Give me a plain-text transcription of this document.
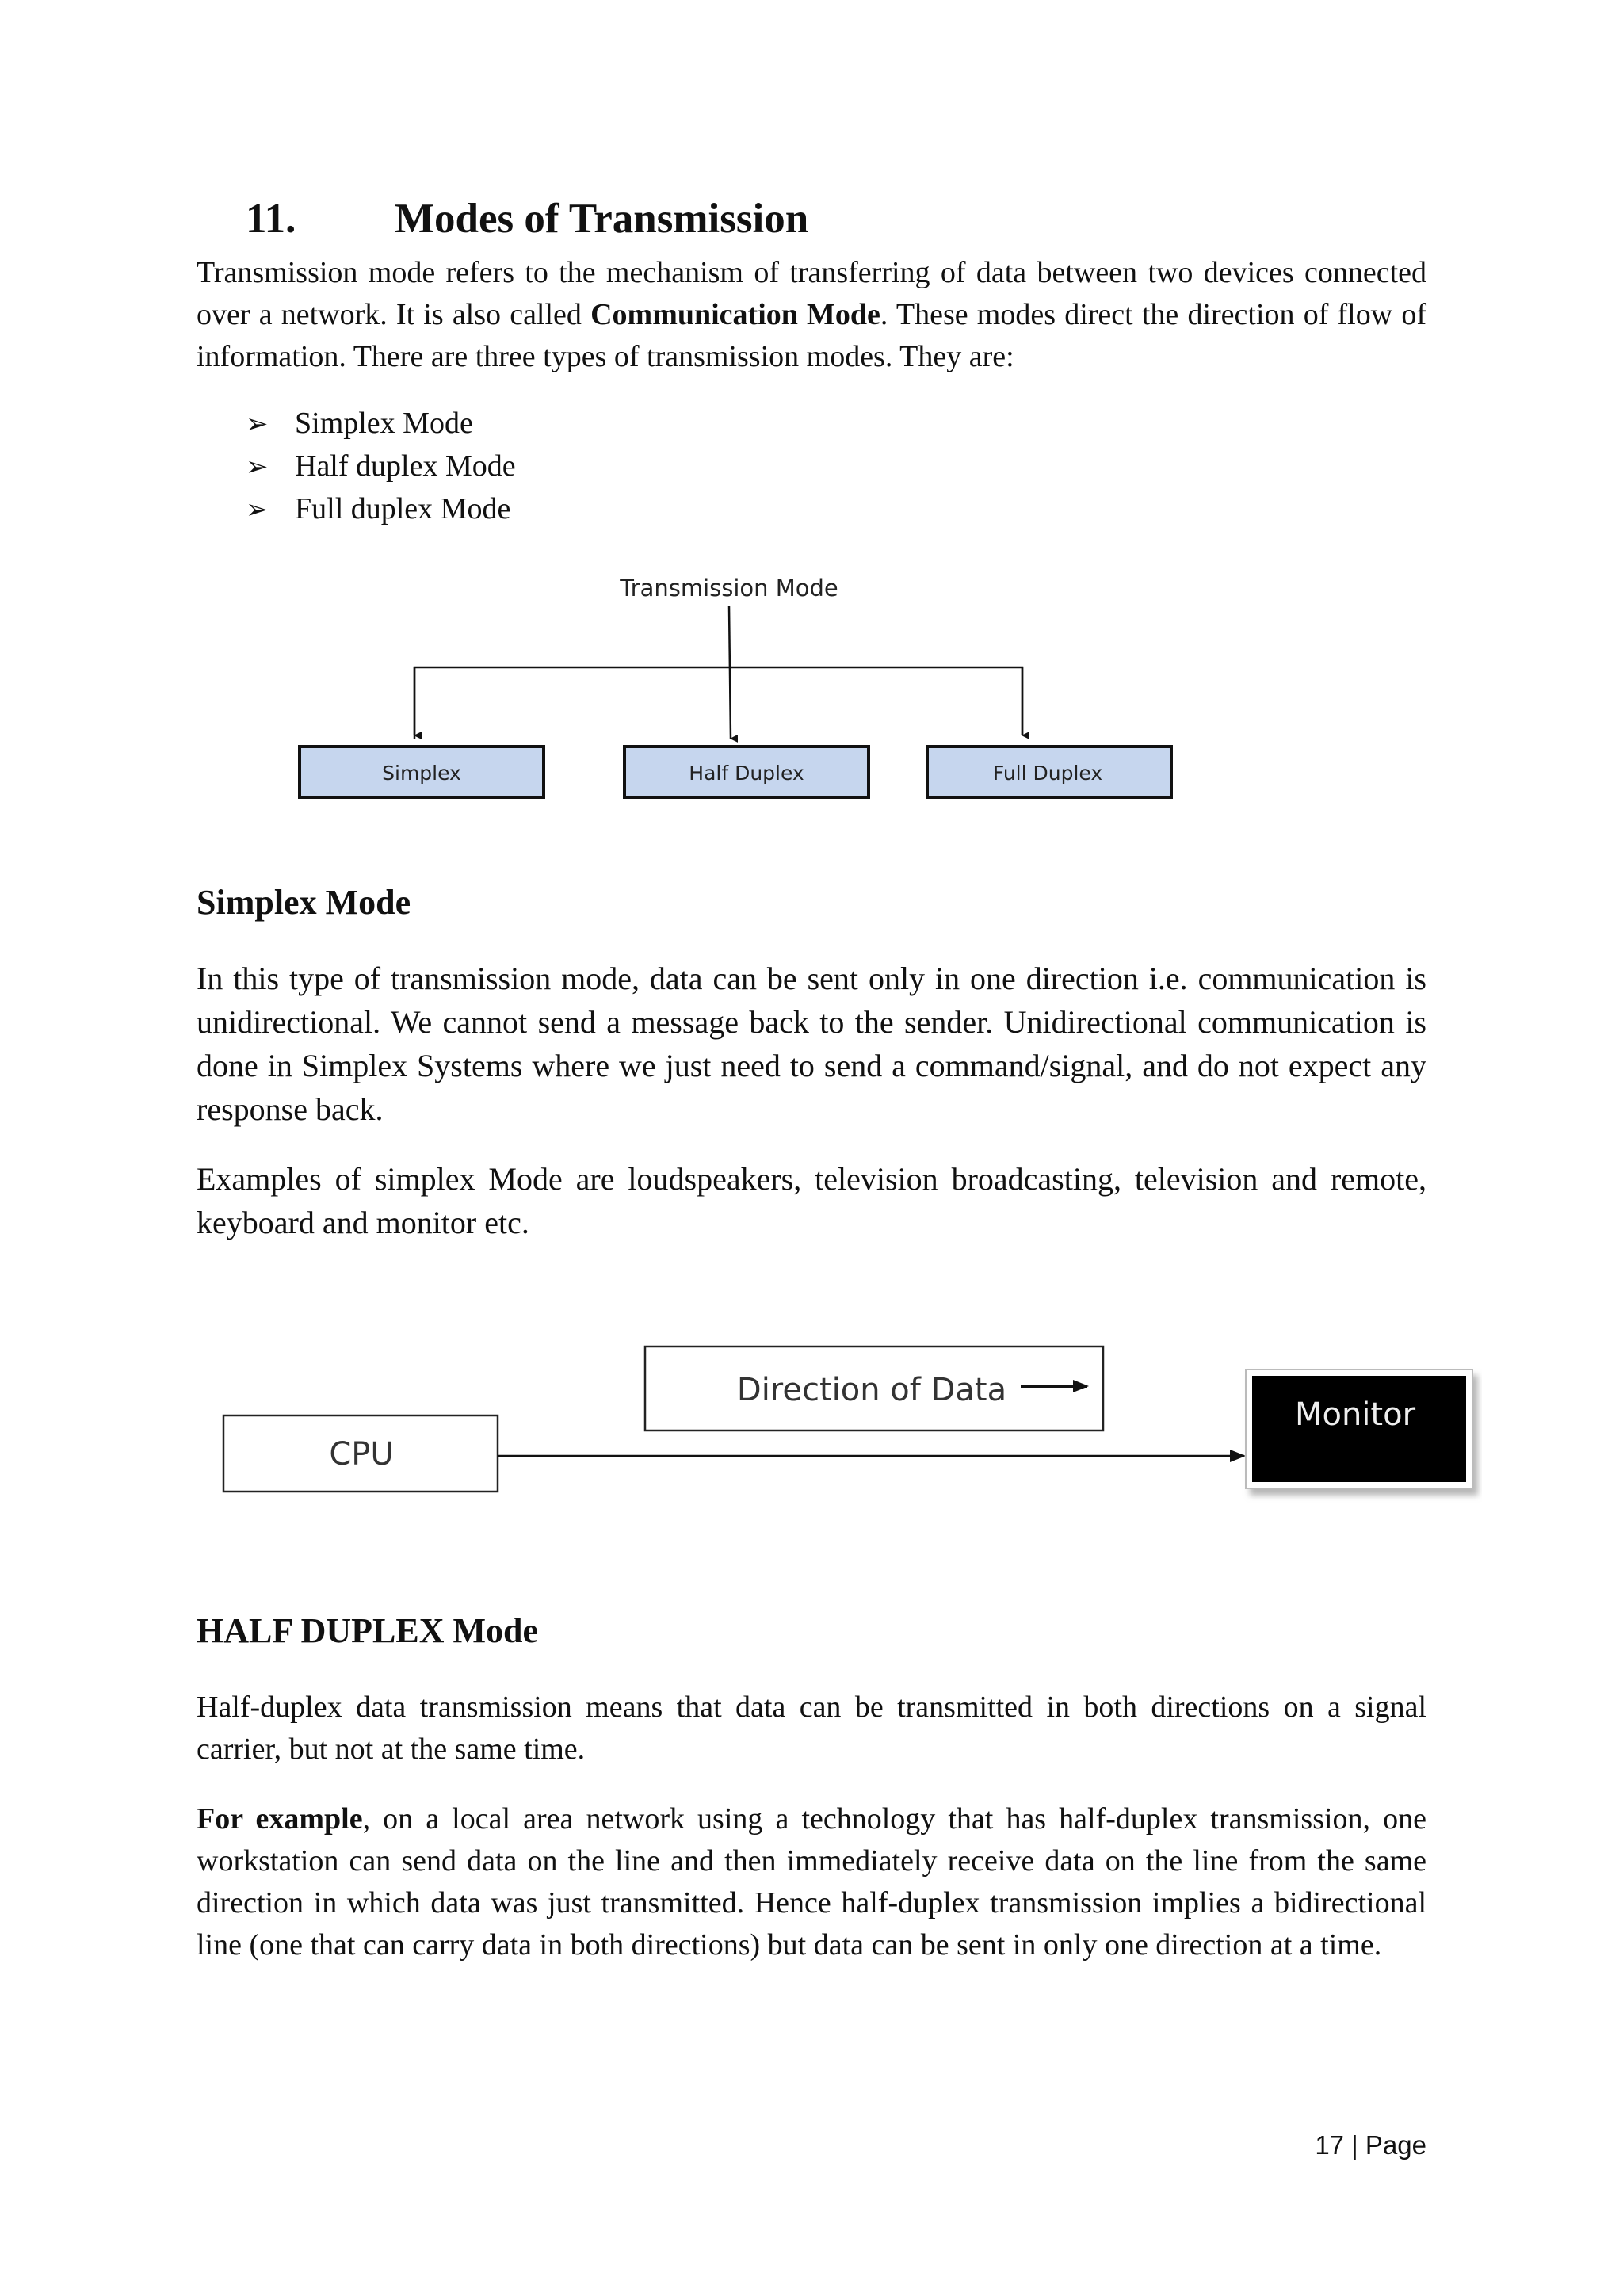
11. Modes of Transmission

Transmission mode refers to the mechanism of transferring of data between two devices connected over a network. It is also called Communication Mode. These modes direct the direction of flow of information. There are three types of transmission modes. They are:

➢ Simplex Mode
➢ Half duplex Mode
➢ Full duplex Mode
Transmission Mode
Simplex	Half Duplex	Full Duplex
Simplex Mode

In this type of transmission mode, data can be sent only in one direction i.e. communication is unidirectional. We cannot send a message back to the sender. Unidirectional communication is done in Simplex Systems where we just need to send a command/signal, and do not expect any response back.

Examples of simplex Mode are loudspeakers, television broadcasting, television and remote, keyboard and monitor etc.

CPU
Direction of Data
Monitor
HALF DUPLEX Mode

Half-duplex data transmission means that data can be transmitted in both directions on a signal carrier, but not at the same time.

For example, on a local area network using a technology that has half-duplex transmission, one workstation can send data on the line and then immediately receive data on the line from the same direction in which data was just transmitted. Hence half-duplex transmission implies a bidirectional line (one that can carry data in both directions) but data can be sent in only one direction at a time.

17 | Page
